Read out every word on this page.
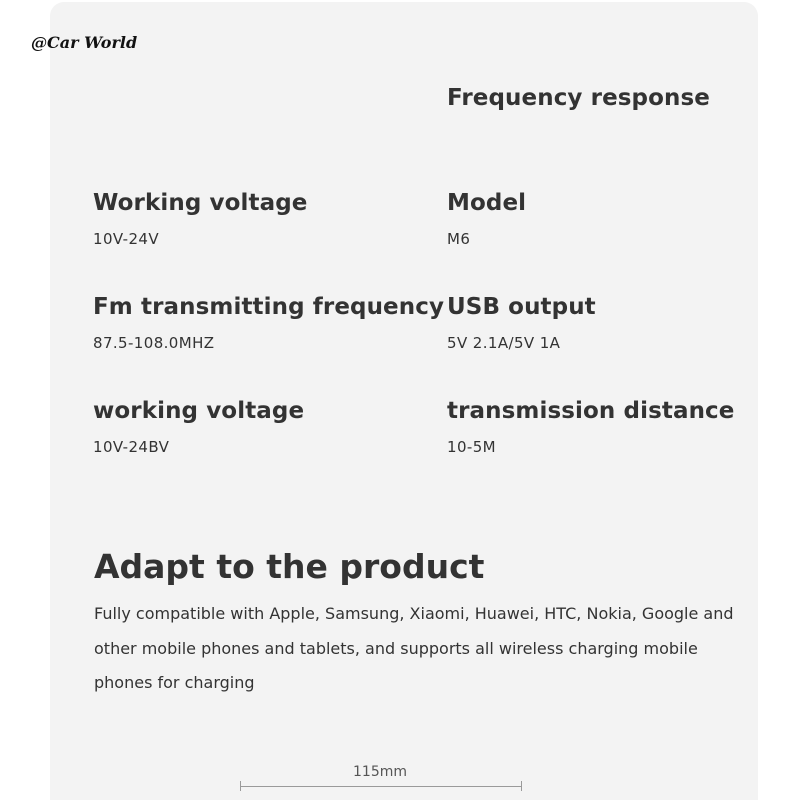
@Car World
Frequency response
Working voltage
10V-24V
Model
M6
Fm transmitting frequency
87.5-108.0MHZ
USB output
5V 2.1A/5V 1A
working voltage
10V-24BV
transmission distance
10-5M
Adapt to the product
Fully compatible with Apple, Samsung, Xiaomi, Huawei, HTC, Nokia, Google and
other mobile phones and tablets, and supports all wireless charging mobile
phones for charging
115mm
